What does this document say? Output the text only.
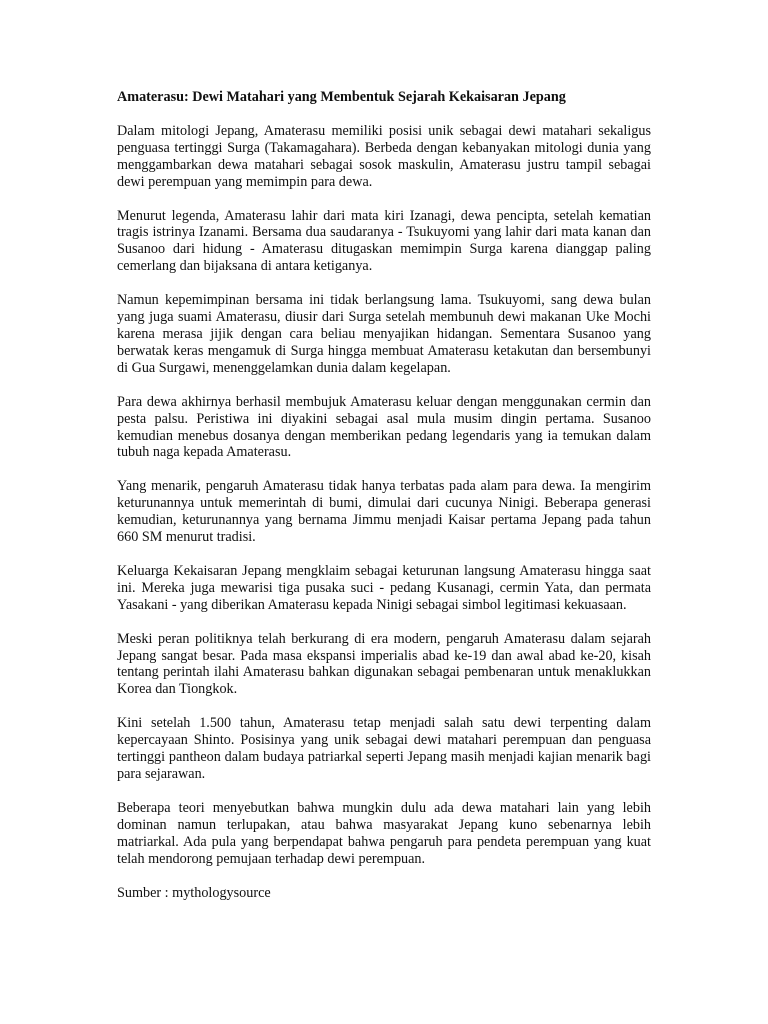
Amaterasu: Dewi Matahari yang Membentuk Sejarah Kekaisaran Jepang

Dalam mitologi Jepang, Amaterasu memiliki posisi unik sebagai dewi matahari sekaligus penguasa tertinggi Surga (Takamagahara). Berbeda dengan kebanyakan mitologi dunia yang menggambarkan dewa matahari sebagai sosok maskulin, Amaterasu justru tampil sebagai dewi perempuan yang memimpin para dewa.

Menurut legenda, Amaterasu lahir dari mata kiri Izanagi, dewa pencipta, setelah kematian tragis istrinya Izanami. Bersama dua saudaranya - Tsukuyomi yang lahir dari mata kanan dan Susanoo dari hidung - Amaterasu ditugaskan memimpin Surga karena dianggap paling cemerlang dan bijaksana di antara ketiganya.

Namun kepemimpinan bersama ini tidak berlangsung lama. Tsukuyomi, sang dewa bulan yang juga suami Amaterasu, diusir dari Surga setelah membunuh dewi makanan Uke Mochi karena merasa jijik dengan cara beliau menyajikan hidangan. Sementara Susanoo yang berwatak keras mengamuk di Surga hingga membuat Amaterasu ketakutan dan bersembunyi di Gua Surgawi, menenggelamkan dunia dalam kegelapan.

Para dewa akhirnya berhasil membujuk Amaterasu keluar dengan menggunakan cermin dan pesta palsu. Peristiwa ini diyakini sebagai asal mula musim dingin pertama. Susanoo kemudian menebus dosanya dengan memberikan pedang legendaris yang ia temukan dalam tubuh naga kepada Amaterasu.

Yang menarik, pengaruh Amaterasu tidak hanya terbatas pada alam para dewa. Ia mengirim keturunannya untuk memerintah di bumi, dimulai dari cucunya Ninigi. Beberapa generasi kemudian, keturunannya yang bernama Jimmu menjadi Kaisar pertama Jepang pada tahun 660 SM menurut tradisi.

Keluarga Kekaisaran Jepang mengklaim sebagai keturunan langsung Amaterasu hingga saat ini. Mereka juga mewarisi tiga pusaka suci - pedang Kusanagi, cermin Yata, dan permata Yasakani - yang diberikan Amaterasu kepada Ninigi sebagai simbol legitimasi kekuasaan.

Meski peran politiknya telah berkurang di era modern, pengaruh Amaterasu dalam sejarah Jepang sangat besar. Pada masa ekspansi imperialis abad ke-19 dan awal abad ke-20, kisah tentang perintah ilahi Amaterasu bahkan digunakan sebagai pembenaran untuk menaklukkan Korea dan Tiongkok.

Kini setelah 1.500 tahun, Amaterasu tetap menjadi salah satu dewi terpenting dalam kepercayaan Shinto. Posisinya yang unik sebagai dewi matahari perempuan dan penguasa tertinggi pantheon dalam budaya patriarkal seperti Jepang masih menjadi kajian menarik bagi para sejarawan.

Beberapa teori menyebutkan bahwa mungkin dulu ada dewa matahari lain yang lebih dominan namun terlupakan, atau bahwa masyarakat Jepang kuno sebenarnya lebih matriarkal. Ada pula yang berpendapat bahwa pengaruh para pendeta perempuan yang kuat telah mendorong pemujaan terhadap dewi perempuan.

Sumber : mythologysource
